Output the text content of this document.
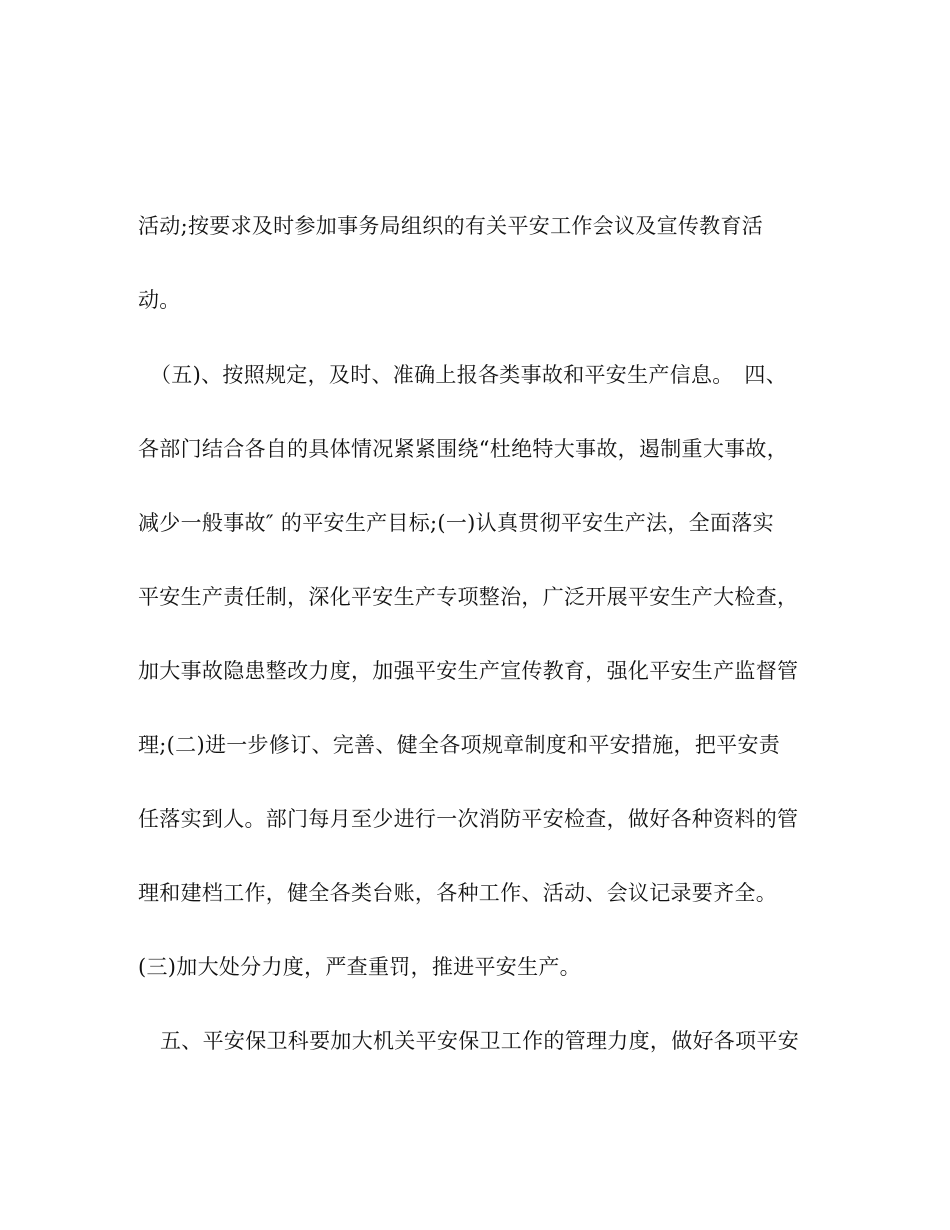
活动;按要求及时参加事务局组织的有关平安工作会议及宣传教育活
动。
（五)、按照规定，及时、准确上报各类事故和平安生产信息。　四、
各部门结合各自的具体情况紧紧围绕“杜绝特大事故，遏制重大事故，
减少一般事故″ 的平安生产目标;(一)认真贯彻平安生产法，全面落实
平安生产责任制，深化平安生产专项整治，广泛开展平安生产大检查，
加大事故隐患整改力度，加强平安生产宣传教育，强化平安生产监督管
理;(二)进一步修订、完善、健全各项规章制度和平安措施，把平安责
任落实到人。部门每月至少进行一次消防平安检查，做好各种资料的管
理和建档工作，健全各类台账，各种工作、活动、会议记录要齐全。
(三)加大处分力度，严查重罚，推进平安生产。
五、平安保卫科要加大机关平安保卫工作的管理力度，做好各项平安
